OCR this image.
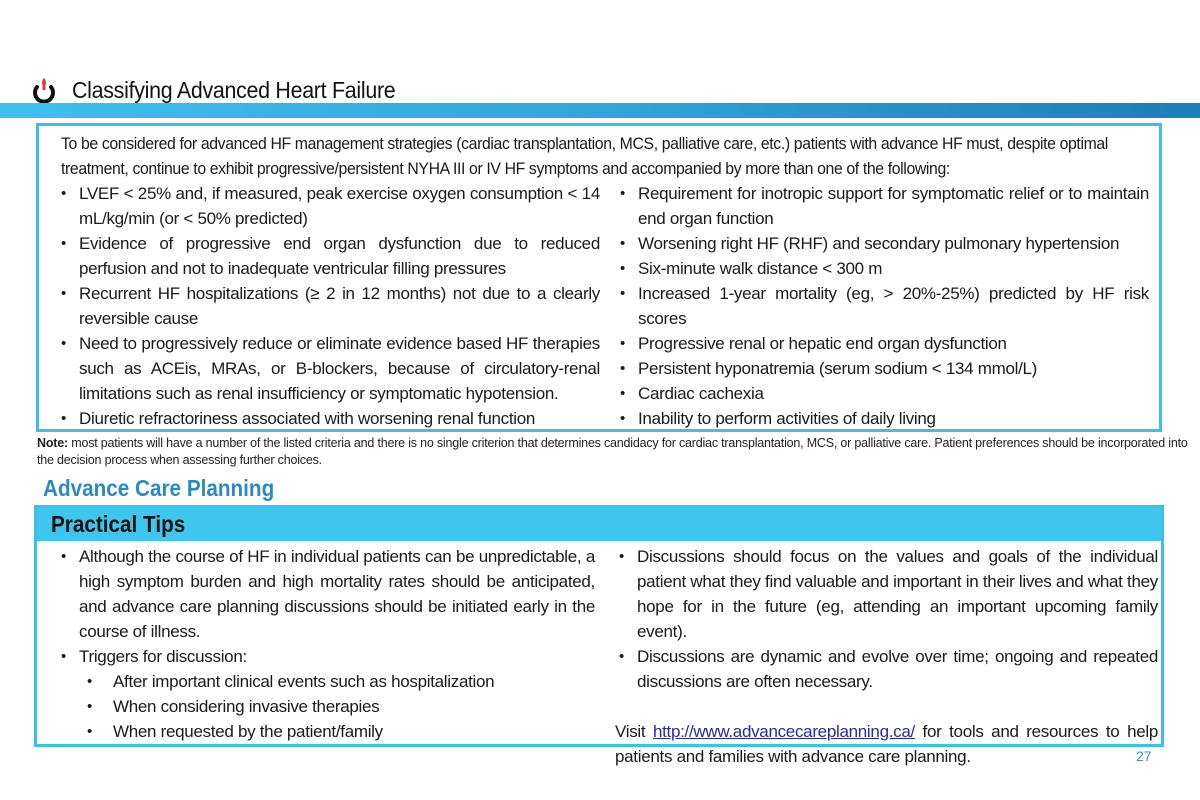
Classifying Advanced Heart Failure
To be considered for advanced HF management strategies (cardiac transplantation, MCS, palliative care, etc.) patients with advance HF must, despite optimal treatment, continue to exhibit progressive/persistent NYHA III or IV HF symptoms and accompanied by more than one of the following:
• LVEF < 25% and, if measured, peak exercise oxygen consumption < 14 mL/kg/min (or < 50% predicted)
• Evidence of progressive end organ dysfunction due to reduced perfusion and not to inadequate ventricular filling pressures
• Recurrent HF hospitalizations (≥ 2 in 12 months) not due to a clearly reversible cause
• Need to progressively reduce or eliminate evidence based HF therapies such as ACEis, MRAs, or B-blockers, because of circulatory-renal limitations such as renal insufficiency or symptomatic hypotension.
• Diuretic refractoriness associated with worsening renal function
• Requirement for inotropic support for symptomatic relief or to maintain end organ function
• Worsening right HF (RHF) and secondary pulmonary hypertension
• Six-minute walk distance < 300 m
• Increased 1-year mortality (eg, > 20%-25%) predicted by HF risk scores
• Progressive renal or hepatic end organ dysfunction
• Persistent hyponatremia (serum sodium < 134 mmol/L)
• Cardiac cachexia
• Inability to perform activities of daily living
Note: most patients will have a number of the listed criteria and there is no single criterion that determines candidacy for cardiac transplantation, MCS, or palliative care. Patient preferences should be incorporated into the decision process when assessing further choices.
Advance Care Planning
Practical Tips
• Although the course of HF in individual patients can be unpredictable, a high symptom burden and high mortality rates should be anticipated, and advance care planning discussions should be initiated early in the course of illness.
• Triggers for discussion:
• After important clinical events such as hospitalization
• When considering invasive therapies
• When requested by the patient/family
• Discussions should focus on the values and goals of the individual patient what they find valuable and important in their lives and what they hope for in the future (eg, attending an important upcoming family event).
• Discussions are dynamic and evolve over time; ongoing and repeated discussions are often necessary.
Visit http://www.advancecareplanning.ca/ for tools and resources to help patients and families with advance care planning.	27
